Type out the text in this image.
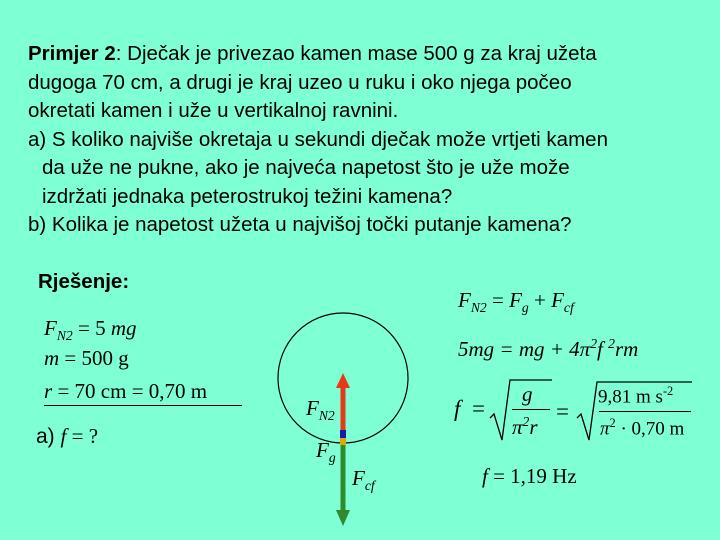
Primjer 2: Dječak je privezao kamen mase 500 g za kraj užeta

dugoga 70 cm, a drugi je kraj uzeo u ruku i oko njega počeo

okretati kamen i uže u vertikalnoj ravnini.

a) S koliko najviše okretaja u sekundi dječak može vrtjeti kamen

da uže ne pukne, ako je najveća napetost što je uže može

izdržati jednaka peterostrukoj težini kamena?

b) Kolika je napetost užeta u najvišoj točki putanje kamena?

Rješenje:
$F_{N2} = 5$ mg
m = 500 g
r = 70 cm = 0,70 m
a) f = ?
$F_{N2}$
$F_g$
$F_{cf}$
$F_{N2} = F_g + F_{cf}$
5mg = mg + $4\pi^2f$ $^2$rm
f =
g
$\pi^2r$
=
9,81 m $s^{-2}$
$\pi^2 \cdot 0,70$ m
f = 1,19 Hz
